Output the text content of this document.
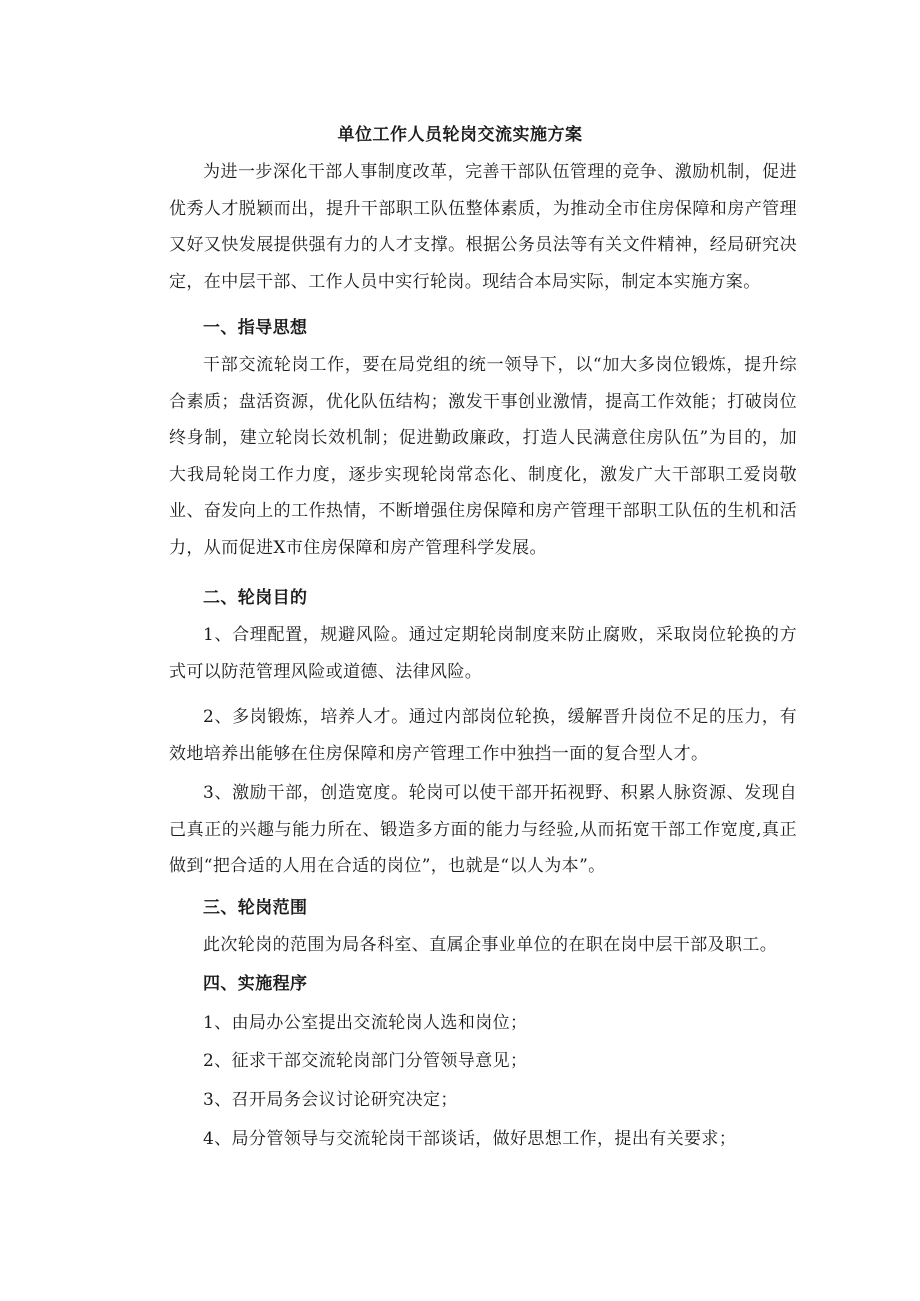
单位工作人员轮岗交流实施方案

为进一步深化干部人事制度改革，完善干部队伍管理的竞争、激励机制，促进优秀人才脱颖而出，提升干部职工队伍整体素质，为推动全市住房保障和房产管理又好又快发展提供强有力的人才支撑。根据公务员法等有关文件精神，经局研究决定，在中层干部、工作人员中实行轮岗。现结合本局实际，制定本实施方案。

一、指导思想

干部交流轮岗工作，要在局党组的统一领导下，以“加大多岗位锻炼，提升综合素质；盘活资源，优化队伍结构；激发干事创业激情，提高工作效能；打破岗位终身制，建立轮岗长效机制；促进勤政廉政，打造人民满意住房队伍”为目的，加大我局轮岗工作力度，逐步实现轮岗常态化、制度化，激发广大干部职工爱岗敬业、奋发向上的工作热情，不断增强住房保障和房产管理干部职工队伍的生机和活力，从而促进X市住房保障和房产管理科学发展。

二、轮岗目的

1、合理配置，规避风险。通过定期轮岗制度来防止腐败，采取岗位轮换的方式可以防范管理风险或道德、法律风险。

2、多岗锻炼，培养人才。通过内部岗位轮换，缓解晋升岗位不足的压力，有效地培养出能够在住房保障和房产管理工作中独挡一面的复合型人才。

3、激励干部，创造宽度。轮岗可以使干部开拓视野、积累人脉资源、发现自己真正的兴趣与能力所在、锻造多方面的能力与经验,从而拓宽干部工作宽度,真正做到“把合适的人用在合适的岗位”，也就是“以人为本”。

三、轮岗范围

此次轮岗的范围为局各科室、直属企事业单位的在职在岗中层干部及职工。

四、实施程序

1、由局办公室提出交流轮岗人选和岗位；

2、征求干部交流轮岗部门分管领导意见；

3、召开局务会议讨论研究决定；

4、局分管领导与交流轮岗干部谈话，做好思想工作，提出有关要求；
